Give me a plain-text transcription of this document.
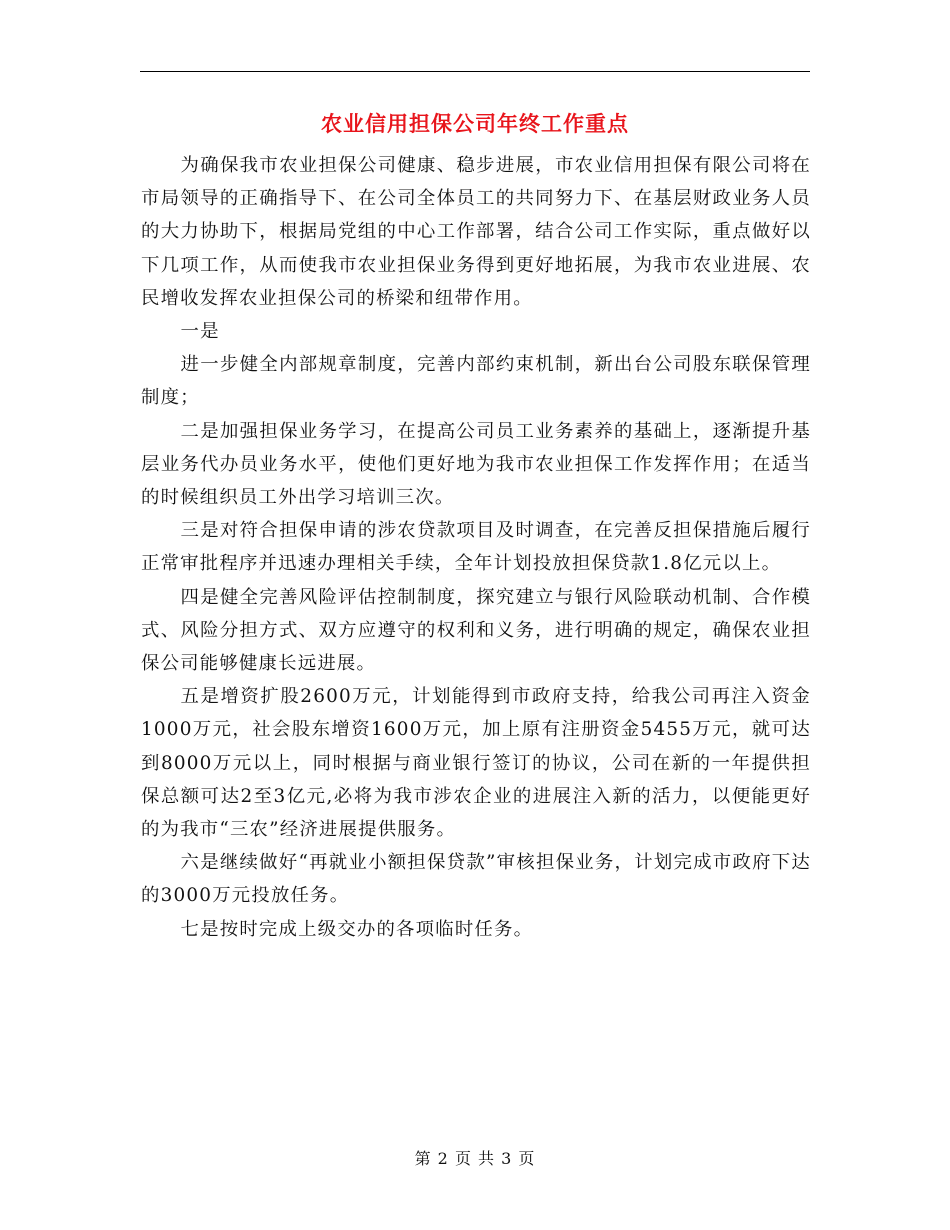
农业信用担保公司年终工作重点

为确保我市农业担保公司健康、稳步进展，市农业信用担保有限公司将在市局领导的正确指导下、在公司全体员工的共同努力下、在基层财政业务人员的大力协助下，根据局党组的中心工作部署，结合公司工作实际，重点做好以下几项工作，从而使我市农业担保业务得到更好地拓展，为我市农业进展、农民增收发挥农业担保公司的桥梁和纽带作用。

一是

进一步健全内部规章制度，完善内部约束机制，新出台公司股东联保管理制度；

二是加强担保业务学习，在提高公司员工业务素养的基础上，逐渐提升基层业务代办员业务水平，使他们更好地为我市农业担保工作发挥作用；在适当的时候组织员工外出学习培训三次。

三是对符合担保申请的涉农贷款项目及时调查，在完善反担保措施后履行正常审批程序并迅速办理相关手续，全年计划投放担保贷款1.8亿元以上。

四是健全完善风险评估控制制度，探究建立与银行风险联动机制、合作模式、风险分担方式、双方应遵守的权利和义务，进行明确的规定，确保农业担保公司能够健康长远进展。

五是增资扩股2600万元，计划能得到市政府支持，给我公司再注入资金1000万元，社会股东增资1600万元，加上原有注册资金5455万元，就可达到8000万元以上，同时根据与商业银行签订的协议，公司在新的一年提供担保总额可达2至3亿元,必将为我市涉农企业的进展注入新的活力，以便能更好的为我市“三农”经济进展提供服务。

六是继续做好“再就业小额担保贷款”审核担保业务，计划完成市政府下达的3000万元投放任务。

七是按时完成上级交办的各项临时任务。

第 2 页 共 3 页
